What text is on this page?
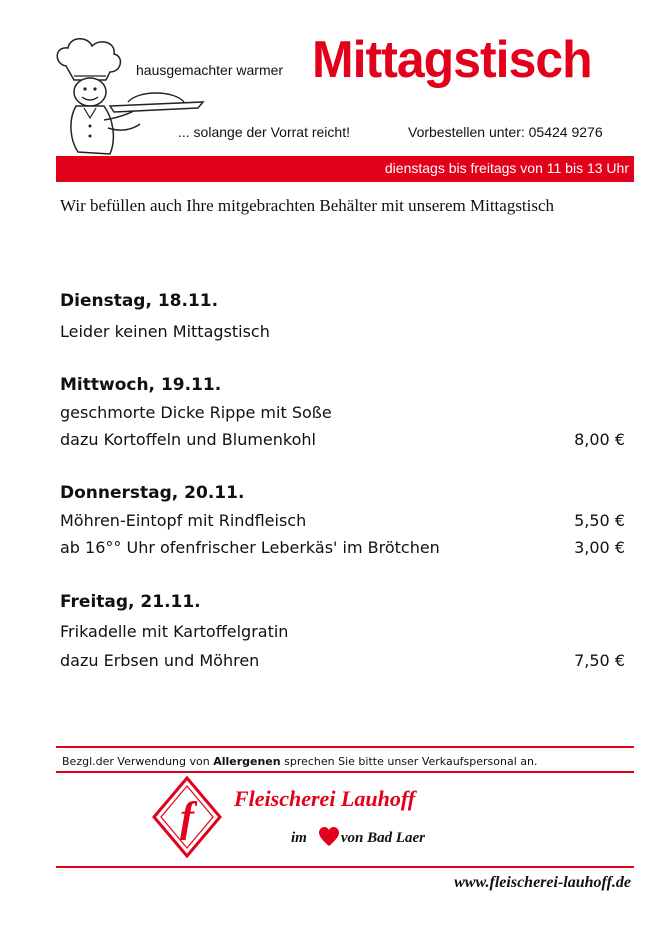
hausgemachter warmer Mittagstisch
... solange der Vorrat reicht!	Vorbestellen unter: 05424 9276
dienstags bis freitags von 11 bis 13 Uhr
Wir befüllen auch Ihre mitgebrachten Behälter mit unserem Mittagstisch
Dienstag, 18.11.
Leider keinen Mittagstisch
Mittwoch, 19.11.
geschmorte Dicke Rippe mit Soße
dazu Kortoffeln und Blumenkohl	8,00 €
Donnerstag, 20.11.
Möhren-Eintopf mit Rindfleisch	5,50 €
ab 16°° Uhr ofenfrischer Leberkäs' im Brötchen	3,00 €
Freitag, 21.11.
Frikadelle mit Kartoffelgratin
dazu Erbsen und Möhren	7,50 €
Bezgl.der Verwendung von Allergenen sprechen Sie bitte unser Verkaufspersonal an.
f Fleischerei Lauhoff
im von Bad Laer
www.fleischerei-lauhoff.de
